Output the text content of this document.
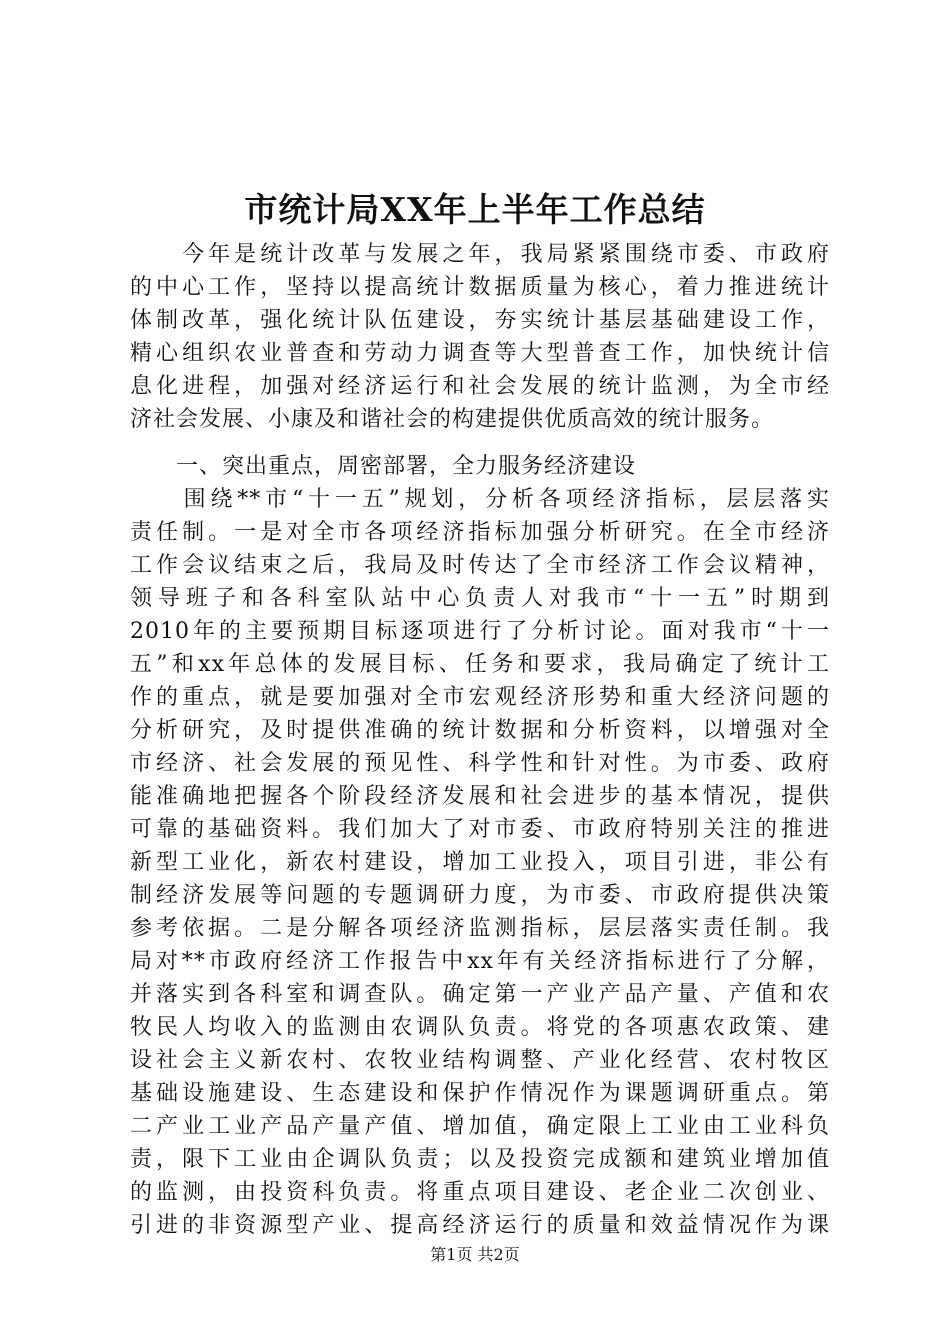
市统计局XX年上半年工作总结
　　今年是统计改革与发展之年，我局紧紧围绕市委、市政府
的中心工作，坚持以提高统计数据质量为核心，着力推进统计
体制改革，强化统计队伍建设，夯实统计基层基础建设工作，
精心组织农业普查和劳动力调查等大型普查工作，加快统计信
息化进程，加强对经济运行和社会发展的统计监测，为全市经
济社会发展、小康及和谐社会的构建提供优质高效的统计服务。
　　一、突出重点，周密部署，全力服务经济建设
　　围绕**市“十一五”规划，分析各项经济指标，层层落实
责任制。一是对全市各项经济指标加强分析研究。在全市经济
工作会议结束之后，我局及时传达了全市经济工作会议精神，
领导班子和各科室队站中心负责人对我市“十一五”时期到
2010年的主要预期目标逐项进行了分析讨论。面对我市“十一
五”和xx年总体的发展目标、任务和要求，我局确定了统计工
作的重点，就是要加强对全市宏观经济形势和重大经济问题的
分析研究，及时提供准确的统计数据和分析资料，以增强对全
市经济、社会发展的预见性、科学性和针对性。为市委、政府
能准确地把握各个阶段经济发展和社会进步的基本情况，提供
可靠的基础资料。我们加大了对市委、市政府特别关注的推进
新型工业化，新农村建设，增加工业投入，项目引进，非公有
制经济发展等问题的专题调研力度，为市委、市政府提供决策
参考依据。二是分解各项经济监测指标，层层落实责任制。我
局对**市政府经济工作报告中xx年有关经济指标进行了分解，
并落实到各科室和调查队。确定第一产业产品产量、产值和农
牧民人均收入的监测由农调队负责。将党的各项惠农政策、建
设社会主义新农村、农牧业结构调整、产业化经营、农村牧区
基础设施建设、生态建设和保护作情况作为课题调研重点。第
二产业工业产品产量产值、增加值，确定限上工业由工业科负
责，限下工业由企调队负责；以及投资完成额和建筑业增加值
的监测，由投资科负责。将重点项目建设、老企业二次创业、
引进的非资源型产业、提高经济运行的质量和效益情况作为课
第1页 共2页
